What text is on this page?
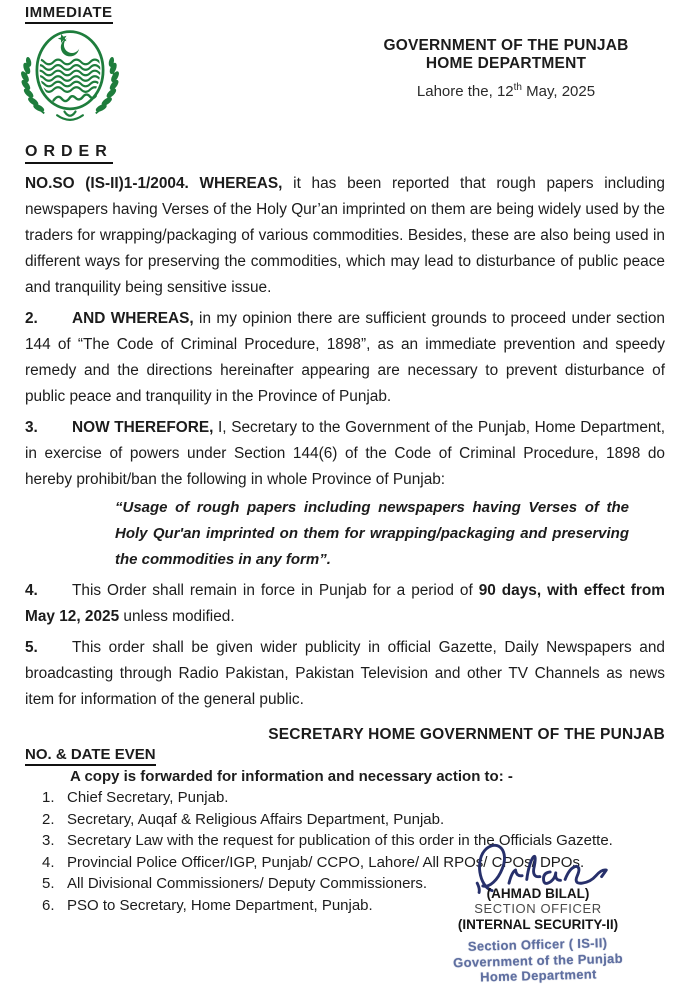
IMMEDIATE
GOVERNMENT OF THE PUNJAB
HOME DEPARTMENT
Lahore the, 12th May, 2025
ORDER

NO.SO (IS-II)1-1/2004. WHEREAS, it has been reported that rough papers including newspapers having Verses of the Holy Qur’an imprinted on them are being widely used by the traders for wrapping/packaging of various commodities. Besides, these are also being used in different ways for preserving the commodities, which may lead to disturbance of public peace and tranquility being sensitive issue.

2. AND WHEREAS, in my opinion there are sufficient grounds to proceed under section 144 of “The Code of Criminal Procedure, 1898”, as an immediate prevention and speedy remedy and the directions hereinafter appearing are necessary to prevent disturbance of public peace and tranquility in the Province of Punjab.

3. NOW THEREFORE, I, Secretary to the Government of the Punjab, Home Department, in exercise of powers under Section 144(6) of the Code of Criminal Procedure, 1898 do hereby prohibit/ban the following in whole Province of Punjab:

“Usage of rough papers including newspapers having Verses of the Holy Qur'an imprinted on them for wrapping/packaging and preserving the commodities in any form”.

4. This Order shall remain in force in Punjab for a period of 90 days, with effect from May 12, 2025 unless modified.

5. This order shall be given wider publicity in official Gazette, Daily Newspapers and broadcasting through Radio Pakistan, Pakistan Television and other TV Channels as news item for information of the general public.

SECRETARY HOME GOVERNMENT OF THE PUNJAB
NO. & DATE EVEN
A copy is forwarded for information and necessary action to: -
1. Chief Secretary, Punjab.
2. Secretary, Auqaf & Religious Affairs Department, Punjab.
3. Secretary Law with the request for publication of this order in the Officials Gazette.
4. Provincial Police Officer/IGP, Punjab/ CCPO, Lahore/ All RPOs/ CPOs/ DPOs.
5. All Divisional Commissioners/ Deputy Commissioners.
6. PSO to Secretary, Home Department, Punjab.
(AHMAD BILAL)
SECTION OFFICER
(INTERNAL SECURITY-II)
Section Officer ( IS-II)
Government of the Punjab
Home Department
